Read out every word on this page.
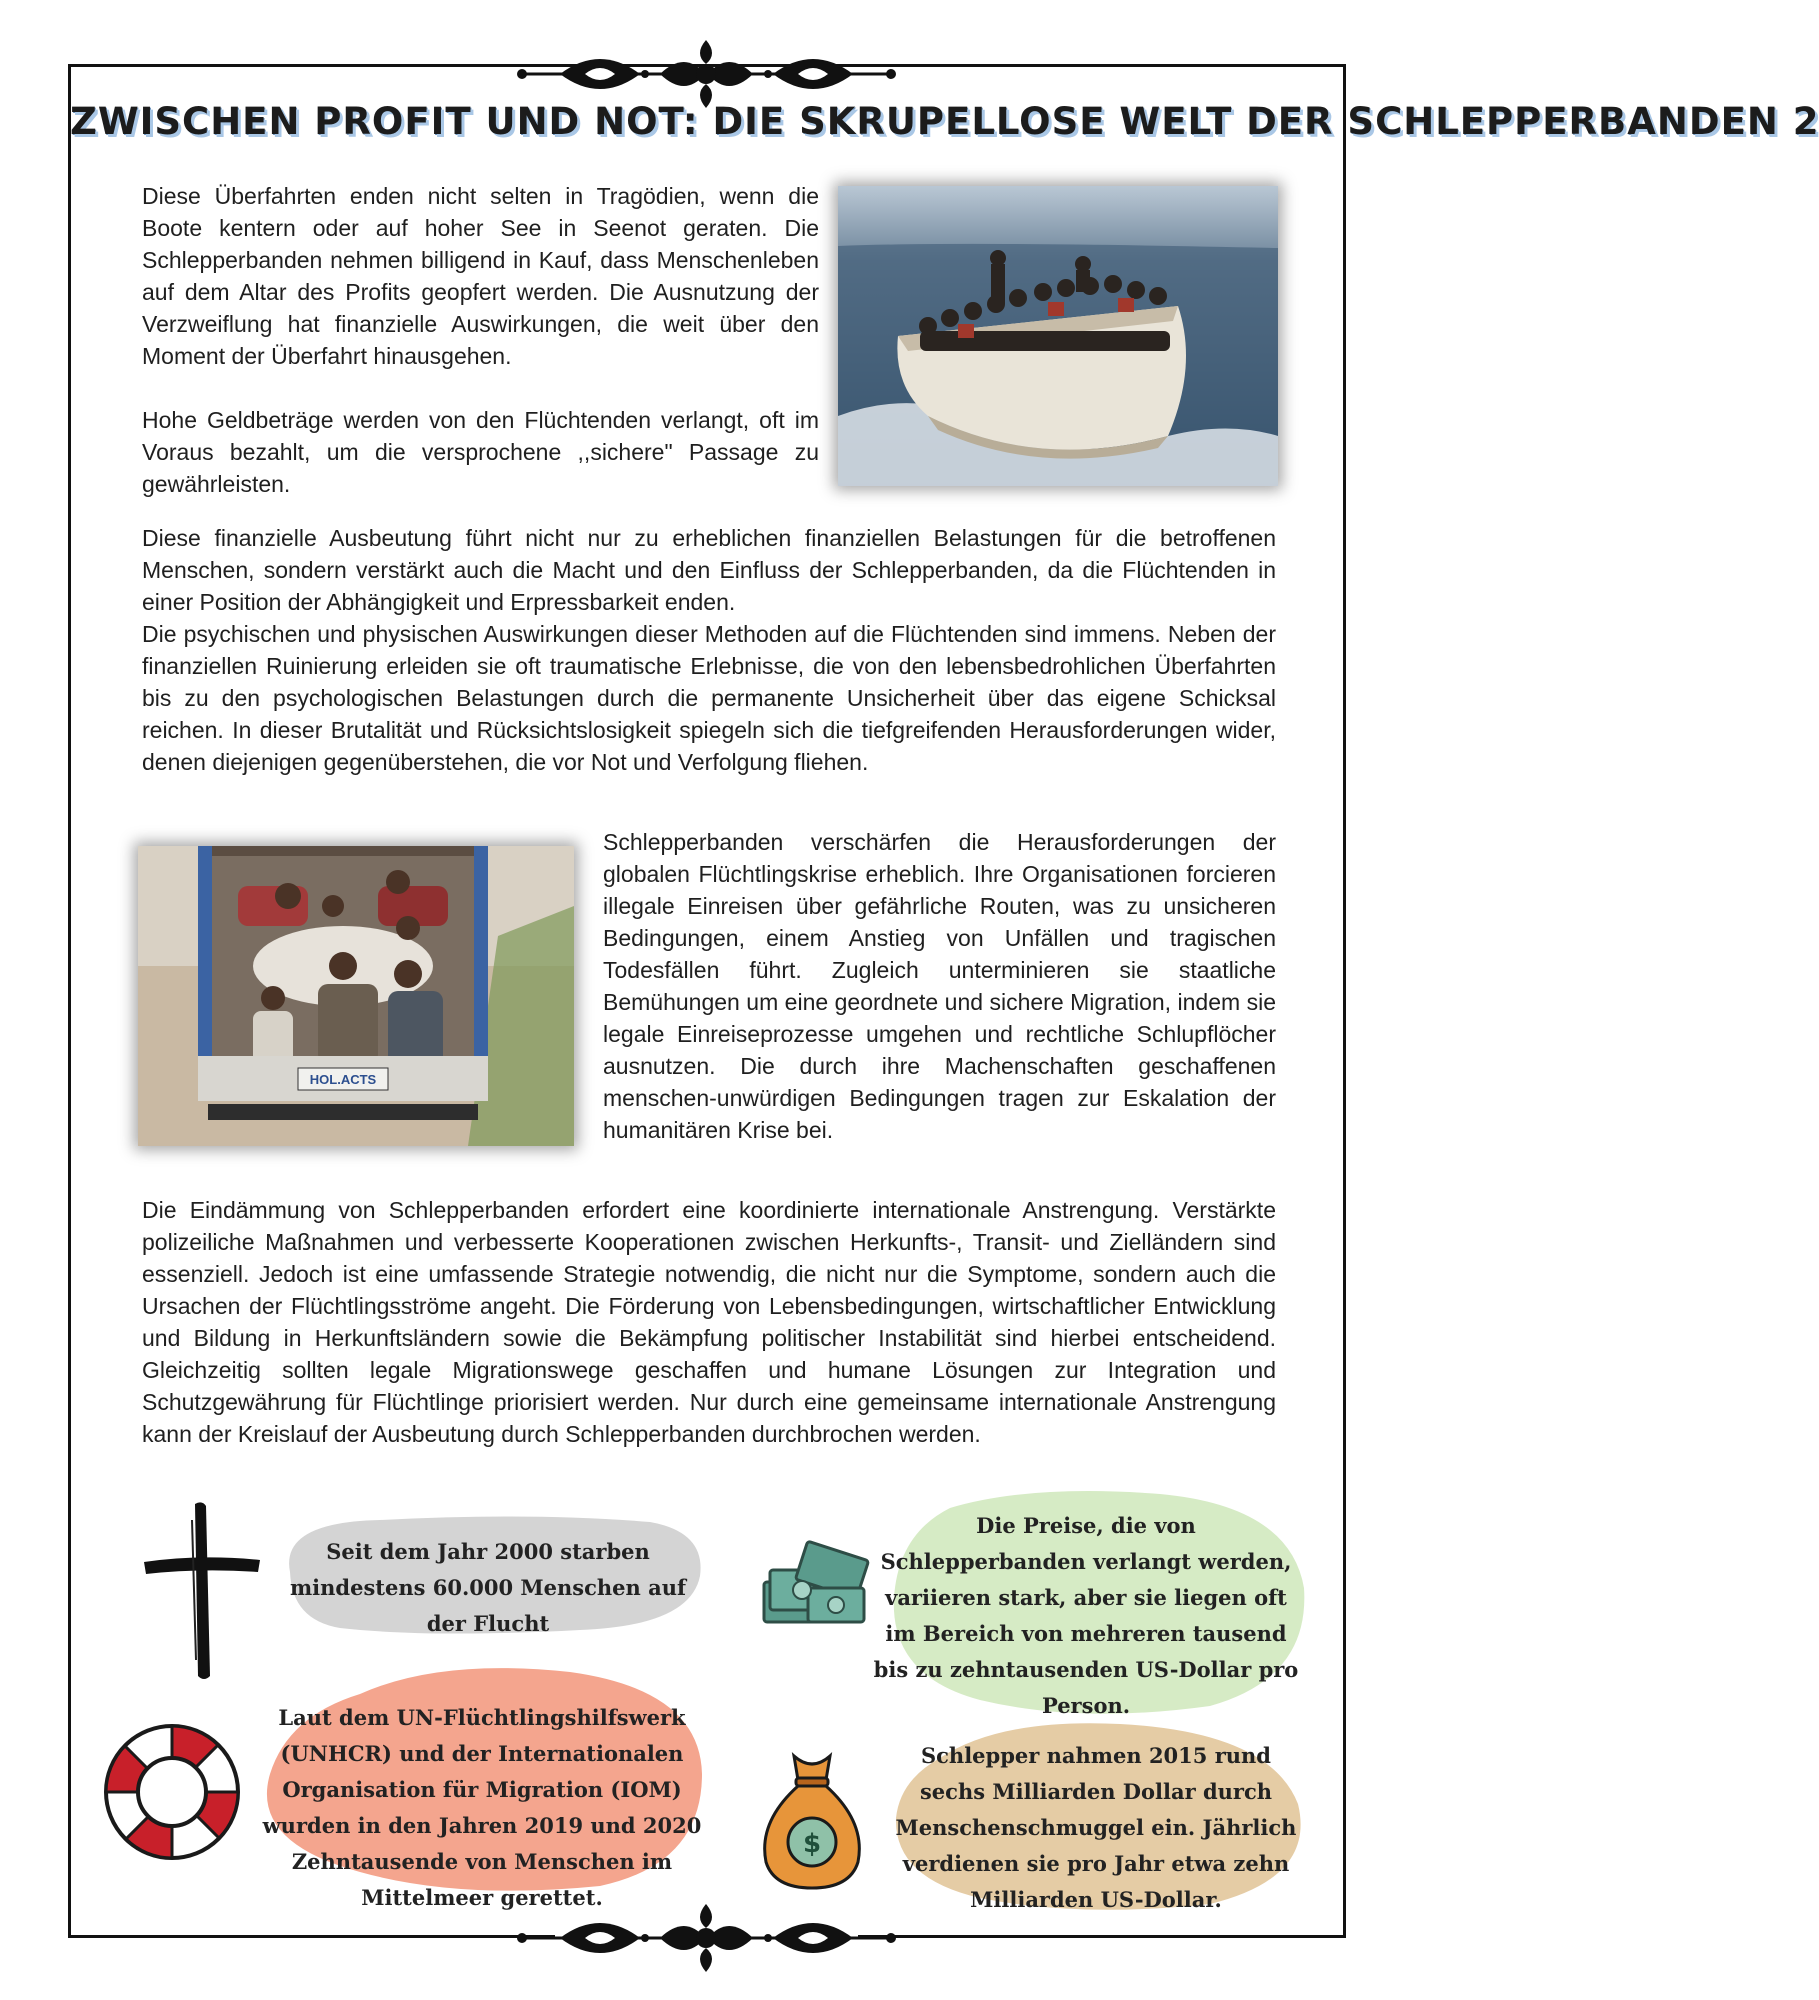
ZWISCHEN PROFIT UND NOT: DIE SKRUPELLOSE WELT DER SCHLEPPERBANDEN 2

Diese Überfahrten enden nicht selten in Tragödien, wenn die Boote kentern oder auf hoher See in Seenot geraten. Die Schlepperbanden nehmen billigend in Kauf, dass Menschenleben auf dem Altar des Profits geopfert werden. Die Ausnutzung der Verzweiflung hat finanzielle Auswirkungen, die weit über den Moment der Überfahrt hinausgehen.

Hohe Geldbeträge werden von den Flüchtenden verlangt, oft im Voraus bezahlt, um die versprochene ,,sichere" Passage zu gewährleisten.

Diese finanzielle Ausbeutung führt nicht nur zu erheblichen finanziellen Belastungen für die betroffenen Menschen, sondern verstärkt auch die Macht und den Einfluss der Schlepperbanden, da die Flüchtenden in einer Position der Abhängigkeit und Erpressbarkeit enden.

Die psychischen und physischen Auswirkungen dieser Methoden auf die Flüchtenden sind immens. Neben der finanziellen Ruinierung erleiden sie oft traumatische Erlebnisse, die von den lebensbedrohlichen Überfahrten bis zu den psychologischen Belastungen durch die permanente Unsicherheit über das eigene Schicksal reichen. In dieser Brutalität und Rücksichtslosigkeit spiegeln sich die tiefgreifenden Herausforderungen wider, denen diejenigen gegenüberstehen, die vor Not und Verfolgung fliehen.

HOL.ACTS

Schlepperbanden verschärfen die Herausforderungen der globalen Flüchtlingskrise erheblich. Ihre Organisationen forcieren illegale Einreisen über gefährliche Routen, was zu unsicheren Bedingungen, einem Anstieg von Unfällen und tragischen Todesfällen führt. Zugleich unterminieren sie staatliche Bemühungen um eine geordnete und sichere Migration, indem sie legale Einreiseprozesse umgehen und rechtliche Schlupflöcher ausnutzen. Die durch ihre Machenschaften geschaffenen menschen-unwürdigen Bedingungen tragen zur Eskalation der humanitären Krise bei.

Die Eindämmung von Schlepperbanden erfordert eine koordinierte internationale Anstrengung. Verstärkte polizeiliche Maßnahmen und verbesserte Kooperationen zwischen Herkunfts-, Transit- und Zielländern sind essenziell. Jedoch ist eine umfassende Strategie notwendig, die nicht nur die Symptome, sondern auch die Ursachen der Flüchtlingsströme angeht. Die Förderung von Lebensbedingungen, wirtschaftlicher Entwicklung und Bildung in Herkunftsländern sowie die Bekämpfung politischer Instabilität sind hierbei entscheidend. Gleichzeitig sollten legale Migrationswege geschaffen und humane Lösungen zur Integration und Schutzgewährung für Flüchtlinge priorisiert werden. Nur durch eine gemeinsame internationale Anstrengung kann der Kreislauf der Ausbeutung durch Schlepperbanden durchbrochen werden.

Seit dem Jahr 2000 starben mindestens 60.000 Menschen auf der Flucht
Die Preise, die von Schlepperbanden verlangt werden, variieren stark, aber sie liegen oft im Bereich von mehreren tausend bis zu zehntausenden US-Dollar pro Person.
Laut dem UN-Flüchtlingshilfswerk (UNHCR) und der Internationalen Organisation für Migration (IOM) wurden in den Jahren 2019 und 2020 Zehntausende von Menschen im Mittelmeer gerettet.
$
Schlepper nahmen 2015 rund sechs Milliarden Dollar durch Menschenschmuggel ein. Jährlich verdienen sie pro Jahr etwa zehn Milliarden US-Dollar.
